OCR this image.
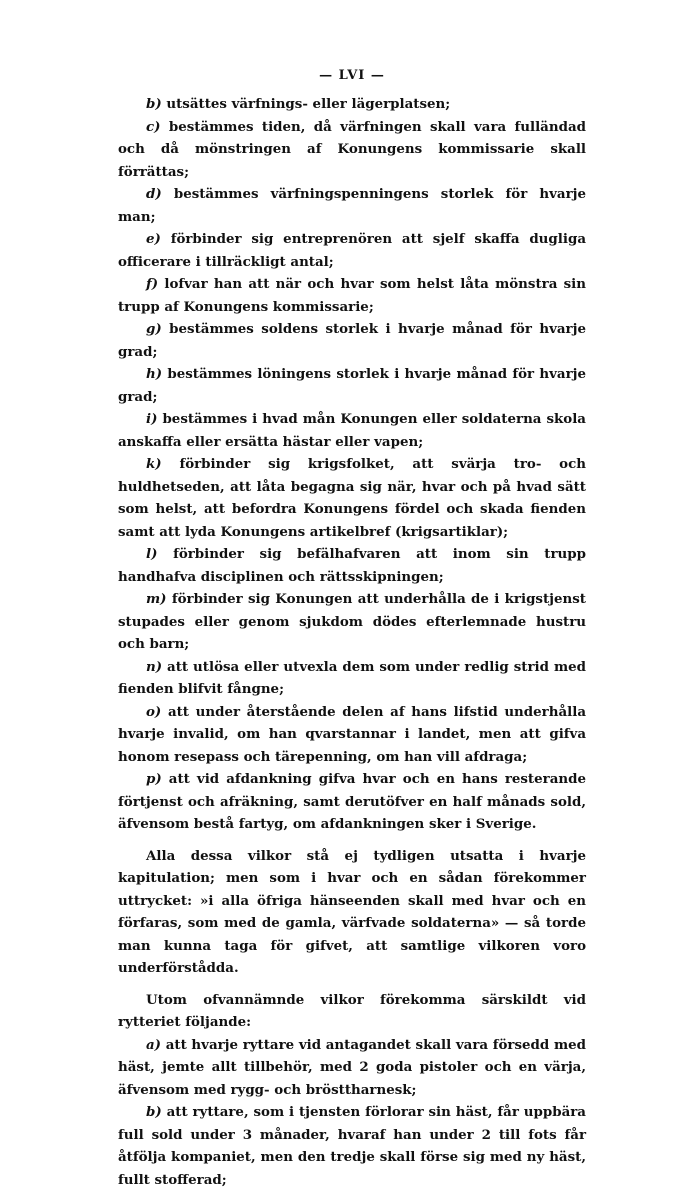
— LVI —

b) utsättes värfnings- eller lägerplatsen;

c) bestämmes tiden, då värfningen skall vara fulländad och då mönstringen af Konungens kommissarie skall förrättas;

d) bestämmes värfningspenningens storlek för hvarje man;

e) förbinder sig entreprenören att sjelf skaffa dugliga officerare i tillräckligt antal;

f) lofvar han att när och hvar som helst låta mönstra sin trupp af Konungens kommissarie;

g) bestämmes soldens storlek i hvarje månad för hvarje grad;

h) bestämmes löningens storlek i hvarje månad för hvarje grad;

i) bestämmes i hvad mån Konungen eller soldaterna skola anskaffa eller ersätta hästar eller vapen;

k) förbinder sig krigsfolket, att svärja tro- och huldhetseden, att låta begagna sig när, hvar och på hvad sätt som helst, att befordra Konungens fördel och skada fienden samt att lyda Konungens artikelbref (krigsartiklar);

l) förbinder sig befälhafvaren att inom sin trupp handhafva disciplinen och rättsskipningen;

m) förbinder sig Konungen att underhålla de i krigstjenst stupades eller genom sjukdom dödes efterlemnade hustru och barn;

n) att utlösa eller utvexla dem som under redlig strid med fienden blifvit fångne;

o) att under återstående delen af hans lifstid underhålla hvarje invalid, om han qvarstannar i landet, men att gifva honom resepass och tärepenning, om han vill afdraga;

p) att vid afdankning gifva hvar och en hans resterande förtjenst och afräkning, samt derutöfver en half månads sold, äfvensom bestå fartyg, om afdankningen sker i Sverige.

Alla dessa vilkor stå ej tydligen utsatta i hvarje kapitulation; men som i hvar och en sådan förekommer uttrycket: »i alla öfriga hänseenden skall med hvar och en förfaras, som med de gamla, värfvade soldaterna» — så torde man kunna taga för gifvet, att samtlige vilkoren voro underförstådda.

Utom ofvannämnde vilkor förekomma särskildt vid rytteriet följande:

a) att hvarje ryttare vid antagandet skall vara försedd med häst, jemte allt tillbehör, med 2 goda pistoler och en värja, äfvensom med rygg- och brösttharnesk;

b) att ryttare, som i tjensten förlorar sin häst, får uppbära full sold under 3 månader, hvaraf han under 2 till fots får åtfölja kompaniet, men den tredje skall förse sig med ny häst, fullt stofferad;
